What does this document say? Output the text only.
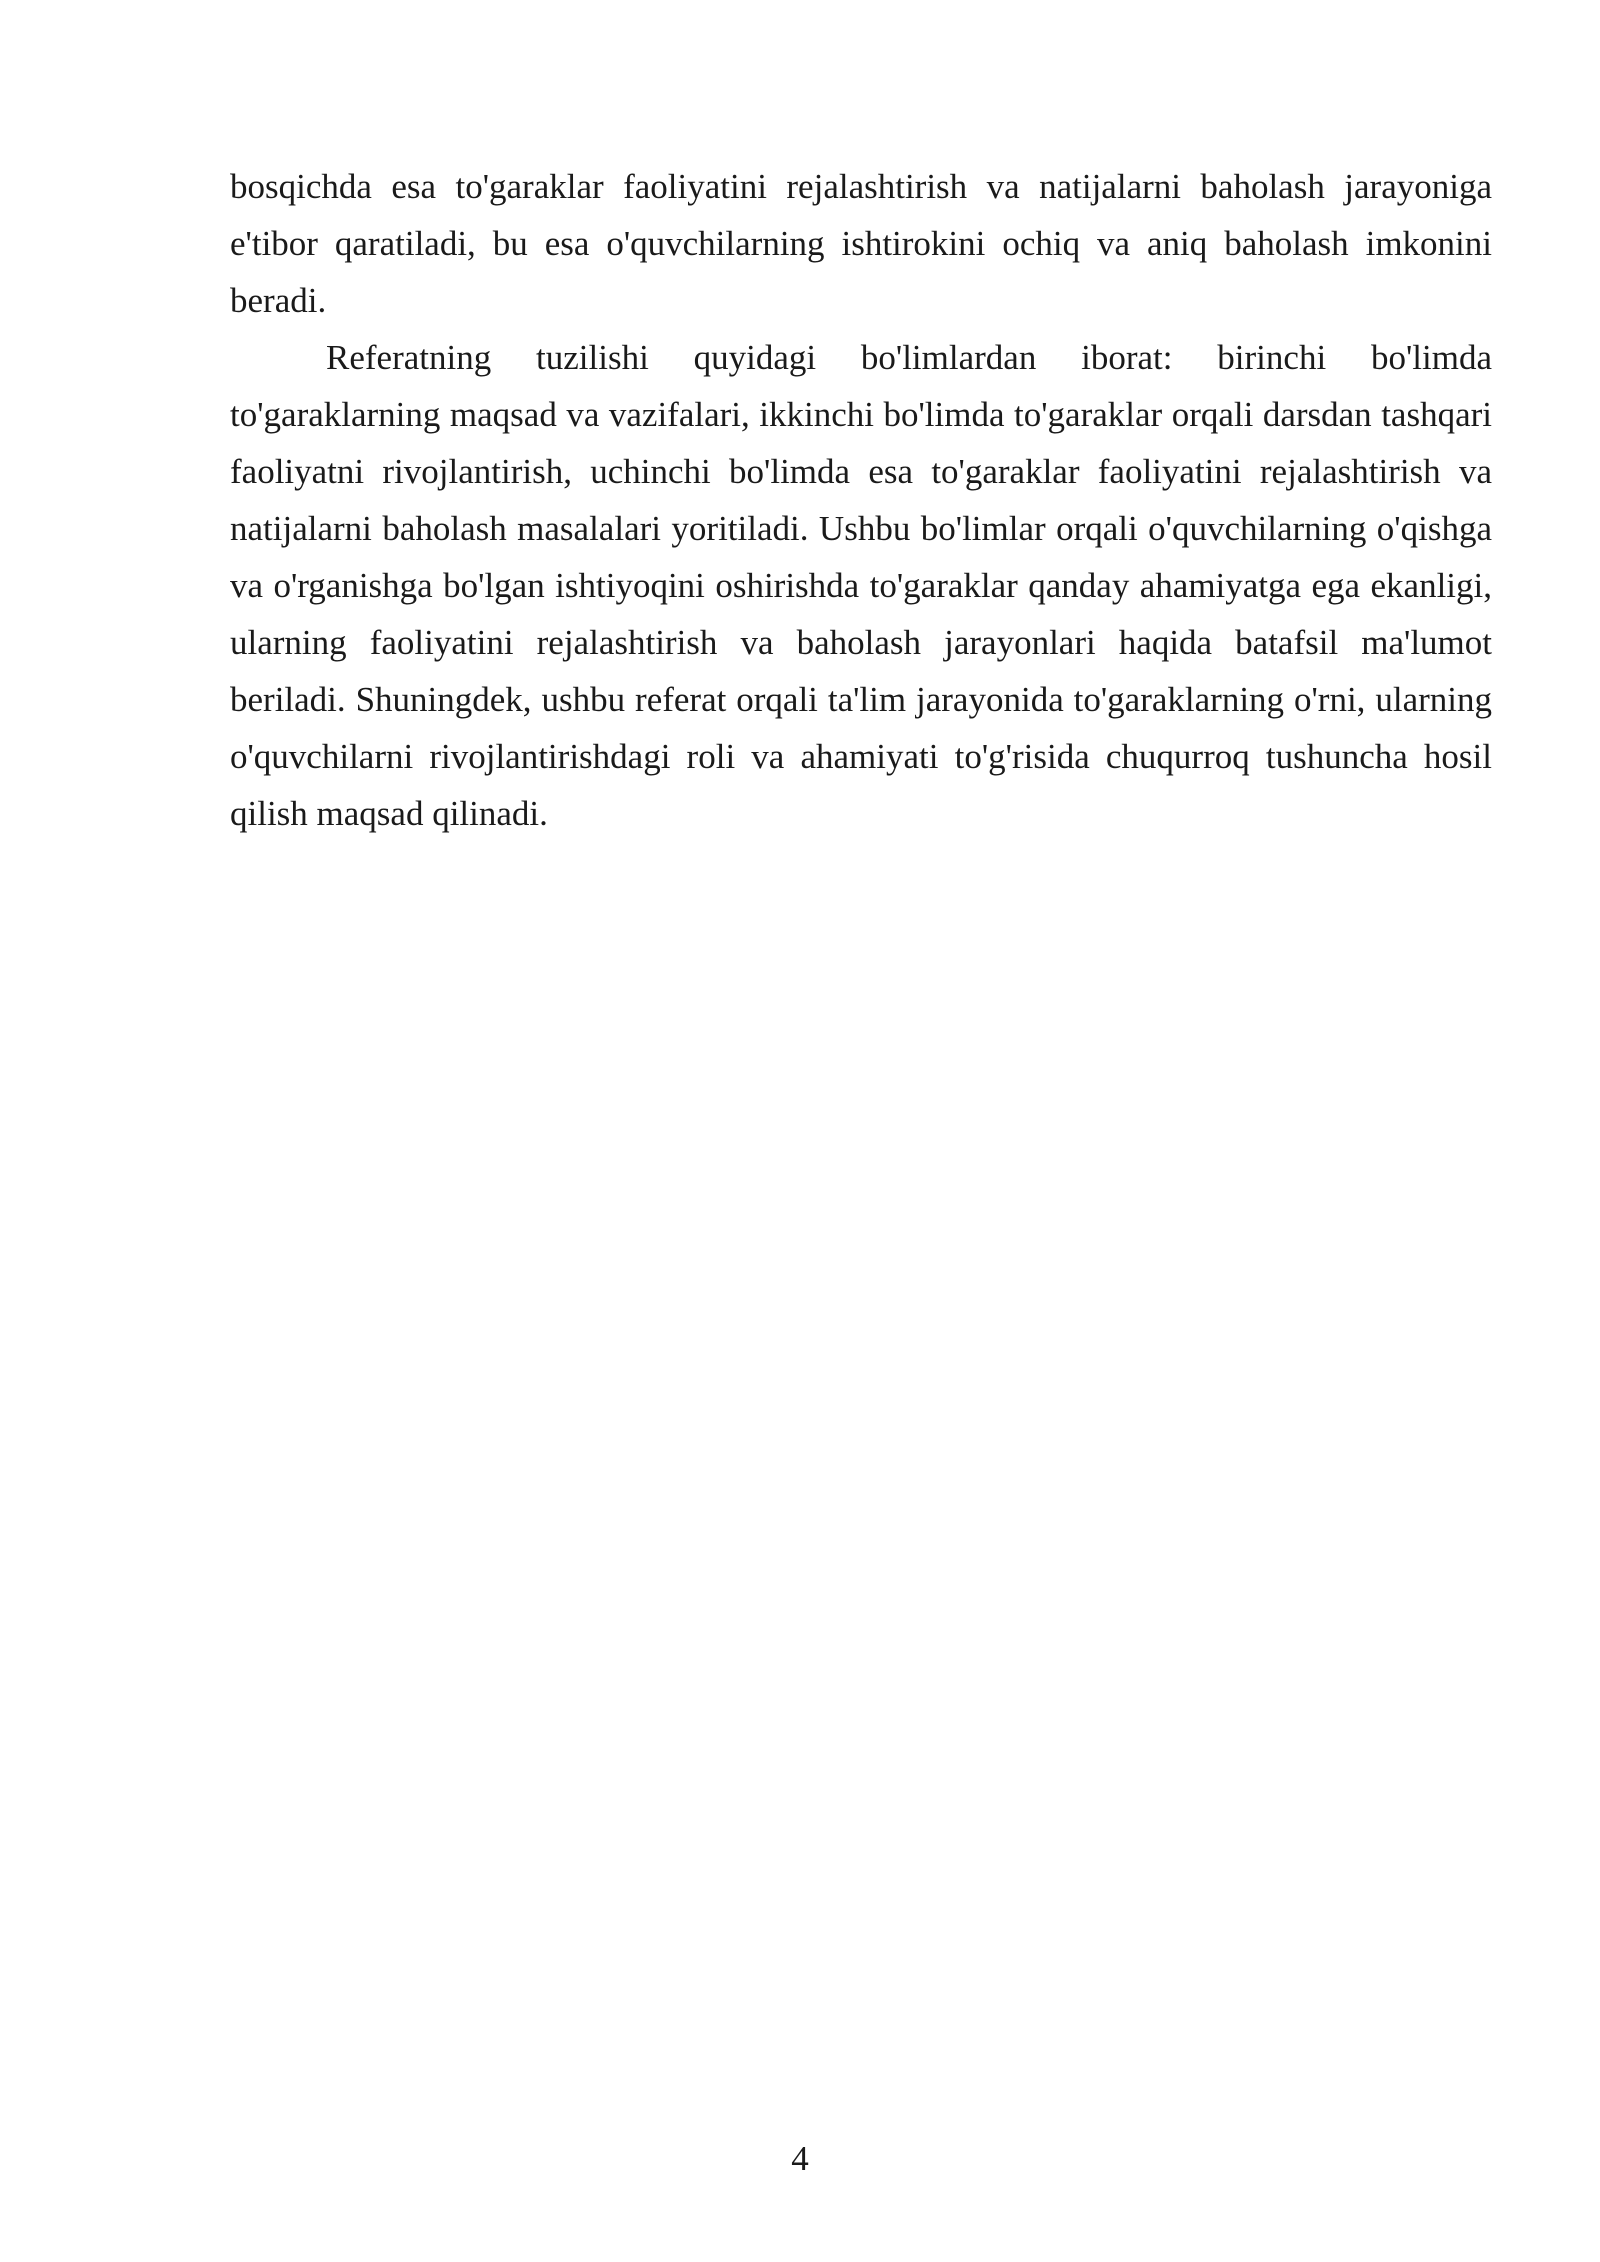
bosqichda esa to'garaklar faoliyatini rejalashtirish va natijalarni baholash jarayoniga e'tibor qaratiladi, bu esa o'quvchilarning ishtirokini ochiq va aniq baholash imkonini beradi.

Referatning tuzilishi quyidagi bo'limlardan iborat: birinchi bo'limda to'garaklarning maqsad va vazifalari, ikkinchi bo'limda to'garaklar orqali darsdan tashqari faoliyatni rivojlantirish, uchinchi bo'limda esa to'garaklar faoliyatini rejalashtirish va natijalarni baholash masalalari yoritiladi. Ushbu bo'limlar orqali o'quvchilarning o'qishga va o'rganishga bo'lgan ishtiyoqini oshirishda to'garaklar qanday ahamiyatga ega ekanligi, ularning faoliyatini rejalashtirish va baholash jarayonlari haqida batafsil ma'lumot beriladi. Shuningdek, ushbu referat orqali ta'lim jarayonida to'garaklarning o'rni, ularning o'quvchilarni rivojlantirishdagi roli va ahamiyati to'g'risida chuqurroq tushuncha hosil qilish maqsad qilinadi.

4
